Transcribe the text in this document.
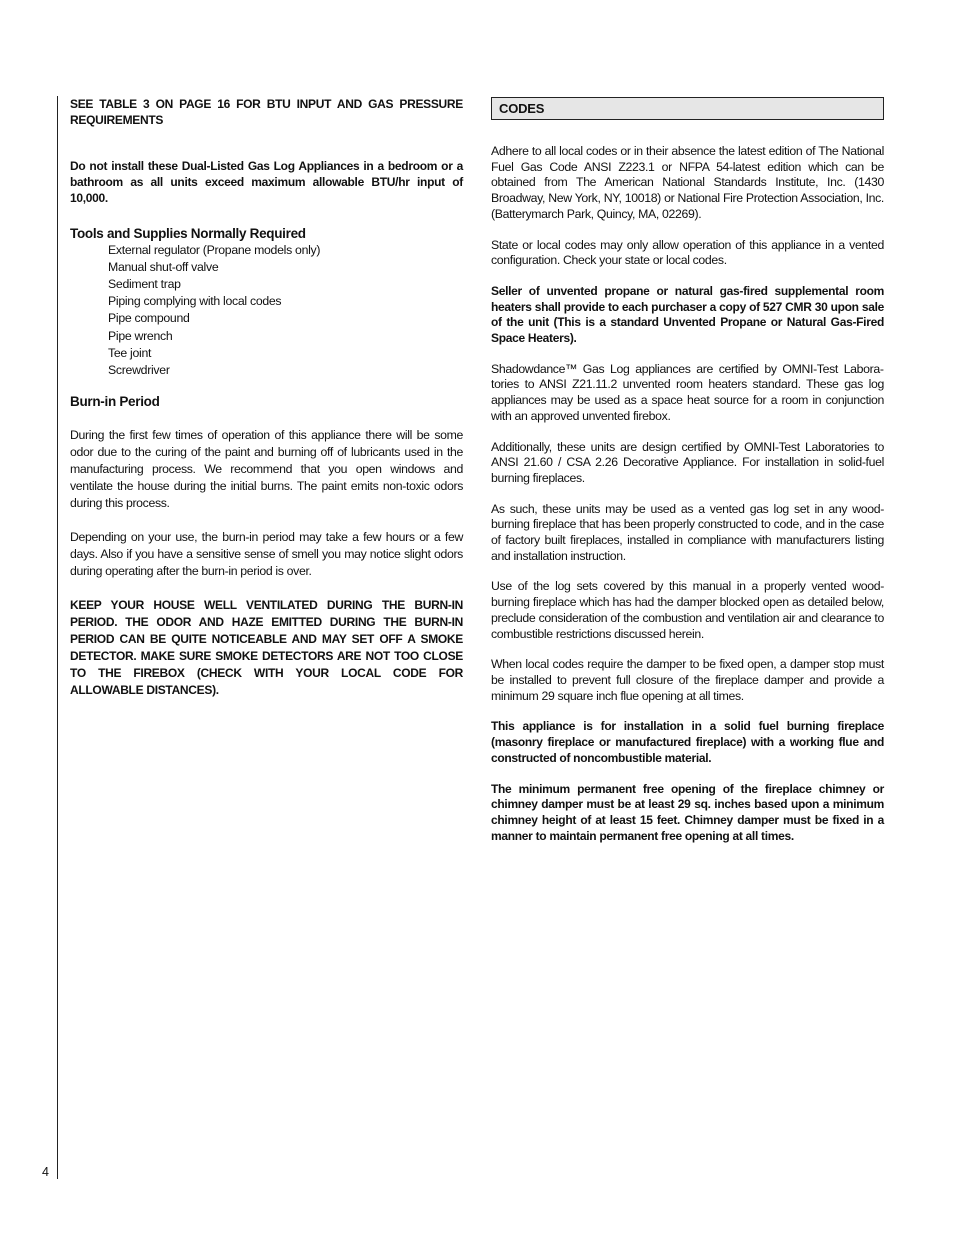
4

SEE TABLE 3 ON PAGE 16 FOR BTU INPUT AND GAS PRESSURE REQUIREMENTS

Do not install these Dual-Listed Gas Log Appliances in a bedroom or a bathroom as all units exceed maximum allowable BTU/hr input of 10,000.

Tools and Supplies Normally Required
External regulator (Propane models only)
Manual shut-off valve
Sediment trap
Piping complying with local codes
Pipe compound
Pipe wrench
Tee joint
Screwdriver
Burn-in Period

During the first few times of operation of this appliance there will be some odor due to the curing of the paint and burning off of lubricants used in the manufacturing process. We recommend that you open windows and ventilate the house during the initial burns. The paint emits non-toxic odors during this process.

Depending on your use, the burn-in period may take a few hours or a few days. Also if you have a sensitive sense of smell you may notice slight odors during operating after the burn-in period is over.

KEEP YOUR HOUSE WELL VENTILATED DURING THE BURN-IN PERIOD. THE ODOR AND HAZE EMITTED DURING THE BURN-IN PERIOD CAN BE QUITE NOTICEABLE AND MAY SET OFF A SMOKE DETECTOR. MAKE SURE SMOKE DETECTORS ARE NOT TOO CLOSE TO THE FIREBOX (CHECK WITH YOUR LOCAL CODE FOR ALLOWABLE DISTANCES).

CODES

Adhere to all local codes or in their absence the latest edition of The National Fuel Gas Code ANSI Z223.1 or NFPA 54-latest edition which can be obtained from The American National Standards Institute, Inc. (1430 Broadway, New York, NY, 10018) or National Fire Protection Association, Inc. (Batterymarch Park, Quincy, MA, 02269).

State or local codes may only allow operation of this appliance in a vented configuration. Check your state or local codes.

Seller of unvented propane or natural gas-fired supplemental room heaters shall provide to each purchaser a copy of 527 CMR 30 upon sale of the unit (This is a standard Unvented Propane or Natural Gas-Fired Space Heaters).

Shadowdance™ Gas Log appliances are certified by OMNI-Test Laboratories to ANSI Z21.11.2 unvented room heaters standard. These gas log appliances may be used as a space heat source for a room in conjunction with an approved unvented firebox.

Additionally, these units are design certified by OMNI-Test Laboratories to ANSI 21.60 / CSA 2.26 Decorative Appliance. For installation in solid-fuel burning fireplaces.

As such, these units may be used as a vented gas log set in any wood-burning fireplace that has been properly constructed to code, and in the case of factory built fireplaces, installed in compliance with manufacturers listing and installation instruction.

Use of the log sets covered by this manual in a properly vented wood-burning fireplace which has had the damper blocked open as detailed below, preclude consideration of the combustion and ventilation air and clearance to combustible restrictions discussed herein.

When local codes require the damper to be fixed open, a damper stop must be installed to prevent full closure of the fireplace damper and provide a minimum 29 square inch flue opening at all times.

This appliance is for installation in a solid fuel burning fireplace (masonry fireplace or manufactured fireplace) with a working flue and constructed of noncombustible material.

The minimum permanent free opening of the fireplace chimney or chimney damper must be at least 29 sq. inches based upon a minimum chimney height of at least 15 feet. Chimney damper must be fixed in a manner to maintain permanent free opening at all times.
